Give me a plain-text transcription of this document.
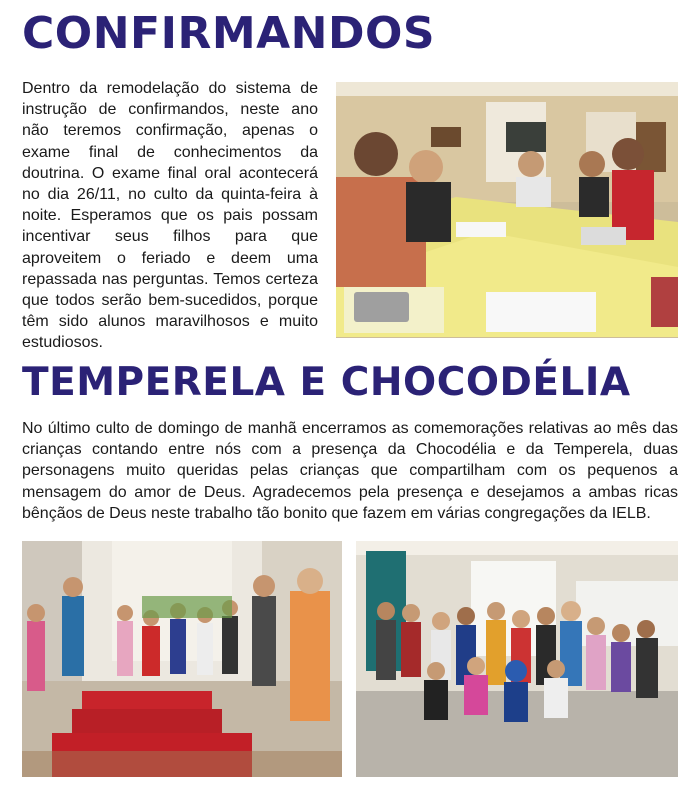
CONFIRMANDOS

Dentro da remodelação do sistema de instrução de confirmandos, neste ano não teremos confirmação, apenas o exame final de conhecimentos da doutrina. O exame final oral acontecerá no dia 26/11, no culto da quinta-feira à noite. Esperamos que os pais possam incentivar seus filhos para que aproveitem o feriado e deem uma repassada nas perguntas. Temos certeza que todos serão bem-sucedidos, porque têm sido alunos maravilhosos e muito estudiosos.

TEMPERELA E CHOCODÉLIA

No último culto de domingo de manhã encerramos as comemorações relativas ao mês das crianças contando entre nós com a presença da Chocodélia e da Temperela, duas personagens muito queridas pelas crianças que compartilham com os pequenos a mensagem do amor de Deus. Agradecemos pela presença e desejamos a ambas ricas bênçãos de Deus neste trabalho tão bonito que fazem em várias congregações da IELB.
